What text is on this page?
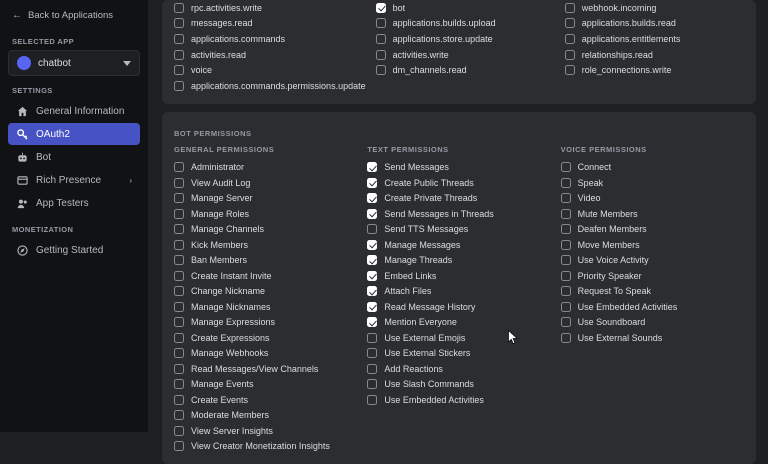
← Back to Applications
SELECTED APP
chatbot
SETTINGS
General Information
OAuth2
Bot
Rich Presence	›
App Testers
MONETIZATION
Getting Started
rpc.activities.write	bot	webhook.incoming
messages.read	applications.builds.upload	applications.builds.read
applications.commands	applications.store.update	applications.entitlements
activities.read	activities.write	relationships.read
voice	dm_channels.read	role_connections.write
applications.commands.permissions.update
BOT PERMISSIONS
GENERAL PERMISSIONS
Administrator
View Audit Log
Manage Server
Manage Roles
Manage Channels
Kick Members
Ban Members
Create Instant Invite
Change Nickname
Manage Nicknames
Manage Expressions
Create Expressions
Manage Webhooks
Read Messages/View Channels
Manage Events
Create Events
Moderate Members
View Server Insights
View Creator Monetization Insights
TEXT PERMISSIONS
Send Messages
Create Public Threads
Create Private Threads
Send Messages in Threads
Send TTS Messages
Manage Messages
Manage Threads
Embed Links
Attach Files
Read Message History
Mention Everyone
Use External Emojis
Use External Stickers
Add Reactions
Use Slash Commands
Use Embedded Activities
VOICE PERMISSIONS
Connect
Speak
Video
Mute Members
Deafen Members
Move Members
Use Voice Activity
Priority Speaker
Request To Speak
Use Embedded Activities
Use Soundboard
Use External Sounds
